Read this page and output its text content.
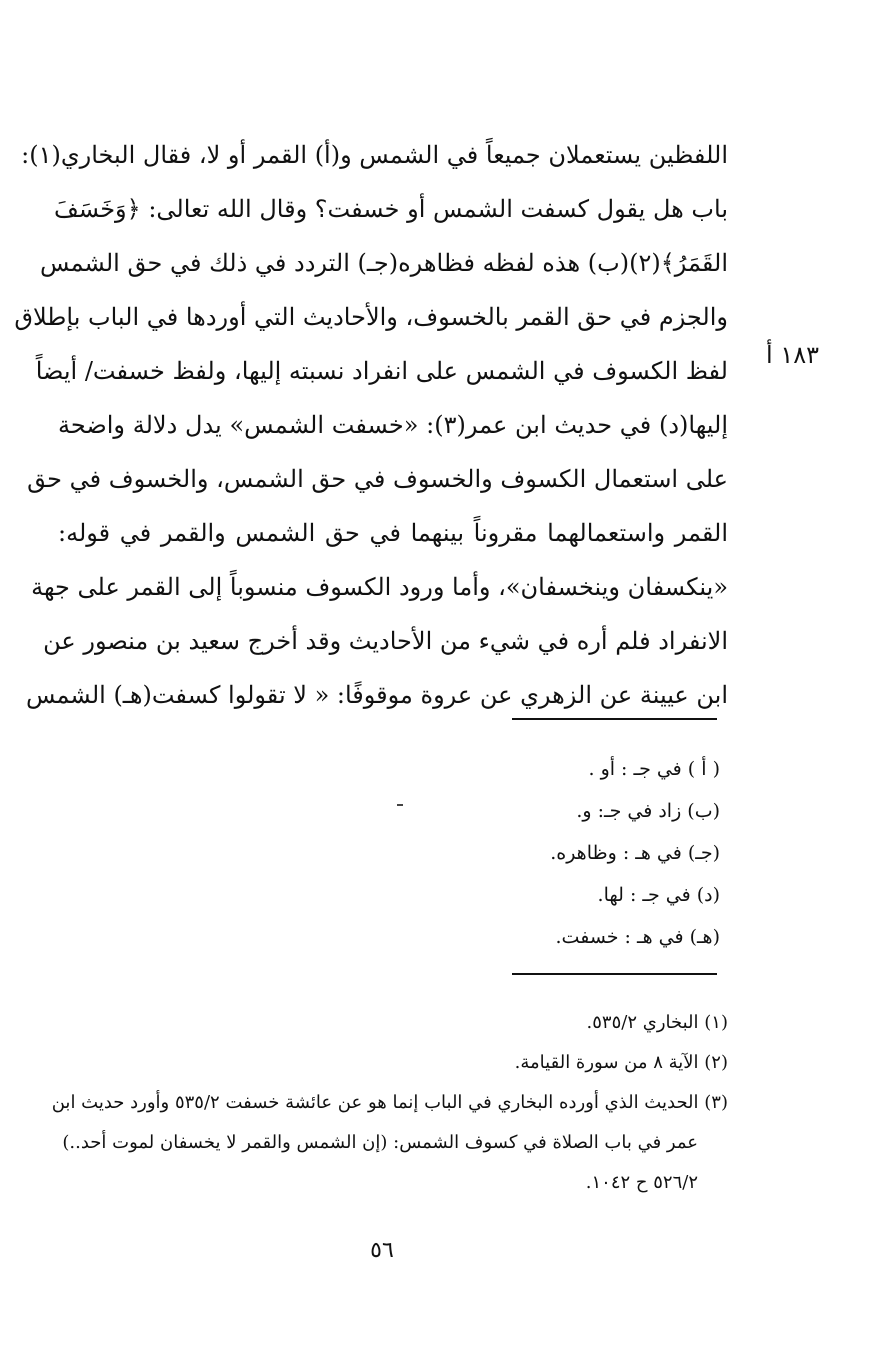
اللفظين يستعملان جميعاً في الشمس و(أ) القمر أو لا، فقال البخاري(١):
باب هل يقول كسفت الشمس أو خسفت؟ وقال الله تعالى: ﴿وَخَسَفَ
القَمَرُ﴾(٢)(ب) هذه لفظه فظاهره(جـ) التردد في ذلك في حق الشمس
والجزم في حق القمر بالخسوف، والأحاديث التي أوردها في الباب بإطلاق
لفظ الكسوف في الشمس على انفراد نسبته إليها، ولفظ خسفت/ أيضاً
إليها(د) في حديث ابن عمر(٣): «خسفت الشمس» يدل دلالة واضحة
على استعمال الكسوف والخسوف في حق الشمس، والخسوف في حق
القمر واستعمالهما مقروناً بينهما في حق الشمس والقمر في قوله:
«ينكسفان وينخسفان»، وأما ورود الكسوف منسوباً إلى القمر على جهة
الانفراد فلم أره في شيء من الأحاديث وقد أخرج سعيد بن منصور عن
ابن عيينة عن الزهري عن عروة موقوفًا: « لا تقولوا كسفت(هـ) الشمس
١٨٣ أ
( أ ) في جـ : أو .
(ب) زاد في جـ: و.
(جـ) في هـ : وظاهره.
(د) في جـ : لها.
(هـ) في هـ : خسفت.
(١) البخاري ٥٣٥/٢.
(٢) الآية ٨ من سورة القيامة.
(٣) الحديث الذي أورده البخاري في الباب إنما هو عن عائشة خسفت ٥٣٥/٢ وأورد حديث ابن
عمر في باب الصلاة في كسوف الشمس: (إن الشمس والقمر لا يخسفان لموت أحد..)
٥٢٦/٢ ح ١٠٤٢.
٥٦
